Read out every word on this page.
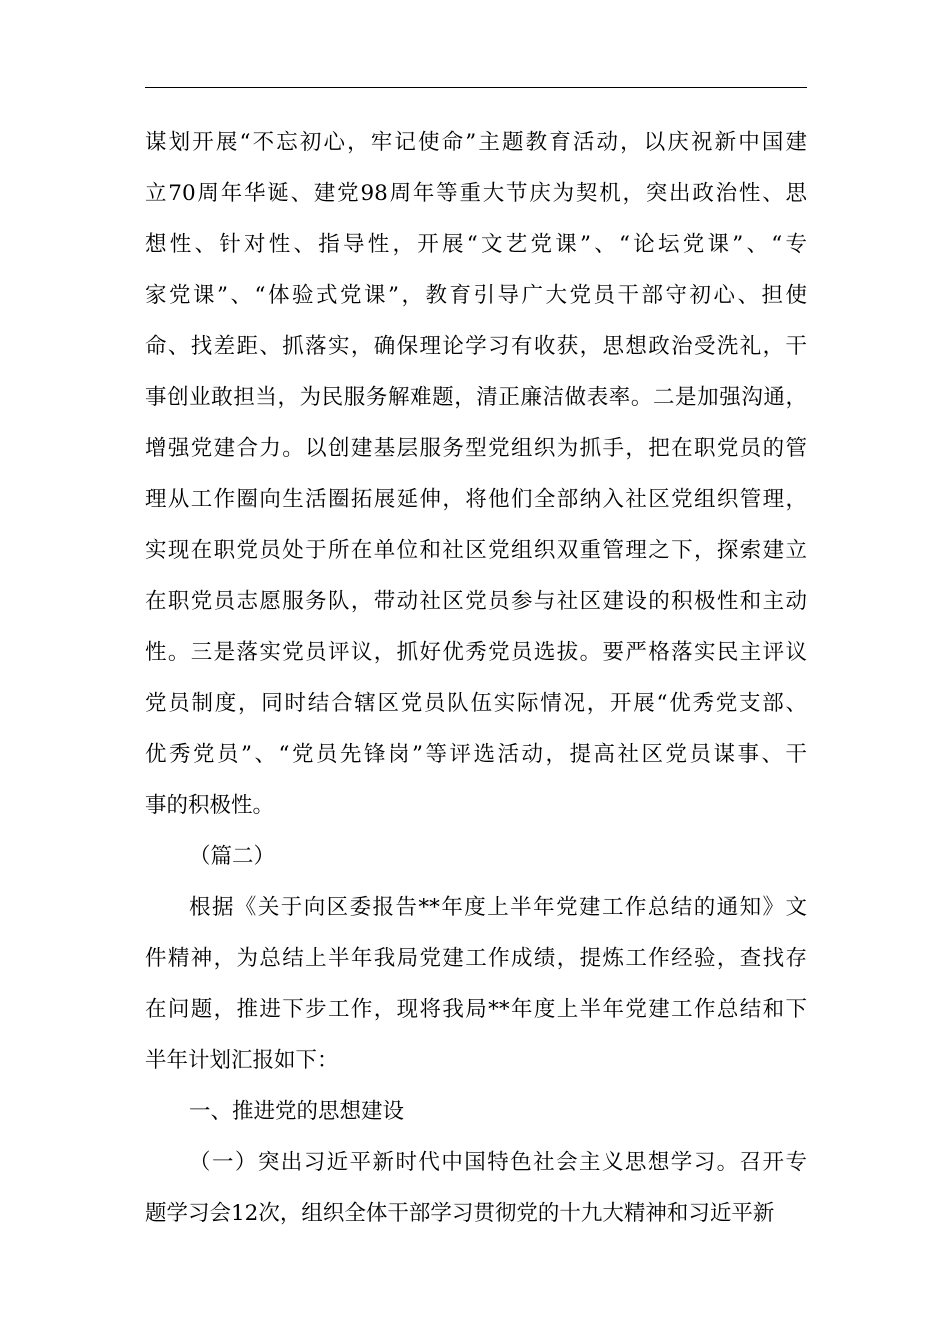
谋划开展“不忘初心，牢记使命”主题教育活动，以庆祝新中国建
立70周年华诞、建党98周年等重大节庆为契机，突出政治性、思
想性、针对性、指导性，开展“文艺党课”、“论坛党课”、“专
家党课”、“体验式党课”，教育引导广大党员干部守初心、担使
命、找差距、抓落实，确保理论学习有收获，思想政治受洗礼，干
事创业敢担当，为民服务解难题，清正廉洁做表率。二是加强沟通，
增强党建合力。以创建基层服务型党组织为抓手，把在职党员的管
理从工作圈向生活圈拓展延伸，将他们全部纳入社区党组织管理，
实现在职党员处于所在单位和社区党组织双重管理之下，探索建立
在职党员志愿服务队，带动社区党员参与社区建设的积极性和主动
性。三是落实党员评议，抓好优秀党员选拔。要严格落实民主评议
党员制度，同时结合辖区党员队伍实际情况，开展“优秀党支部、
优秀党员”、“党员先锋岗”等评选活动，提高社区党员谋事、干
事的积极性。
（篇二）
根据《关于向区委报告**年度上半年党建工作总结的通知》文
件精神，为总结上半年我局党建工作成绩，提炼工作经验，查找存
在问题，推进下步工作，现将我局**年度上半年党建工作总结和下
半年计划汇报如下：
一、推进党的思想建设
（一）突出习近平新时代中国特色社会主义思想学习。召开专
题学习会12次，组织全体干部学习贯彻党的十九大精神和习近平新
